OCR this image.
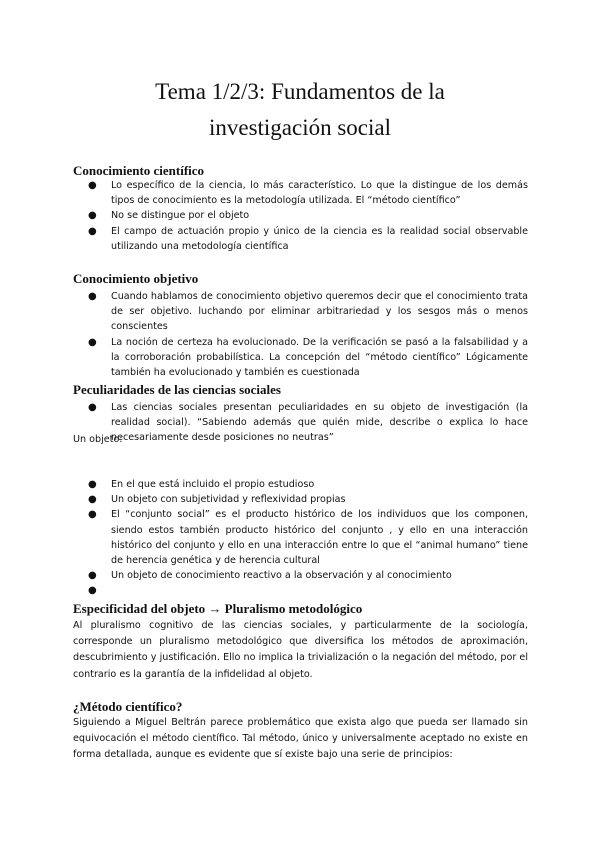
Tema 1/2/3: Fundamentos de la
investigación social
Conocimiento científico
● Lo específico de la ciencia, lo más característico. Lo que la distingue de los demás tipos de conocimiento es la metodología utilizada. El “método científico”
● No se distingue por el objeto
● El campo de actuación propio y único de la ciencia es la realidad social observable utilizando una metodología científica
Conocimiento objetivo
● Cuando hablamos de conocimiento objetivo queremos decir que el conocimiento trata de ser objetivo. luchando por eliminar arbitrariedad y los sesgos más o menos conscientes
● La noción de certeza ha evolucionado. De la verificación se pasó a la falsabilidad y a la corroboración probabilística. La concepción del “método científico” Lógicamente también ha evolucionado y también es cuestionada
Peculiaridades de las ciencias sociales
● Las ciencias sociales presentan peculiaridades en su objeto de investigación (la realidad social). “Sabiendo además que quién mide, describe o explica lo hace necesariamente desde posiciones no neutras”

Un objeto:

● En el que está incluido el propio estudioso
● Un objeto con subjetividad y reflexividad propias
● El “conjunto social” es el producto histórico de los individuos que los componen, siendo estos también producto histórico del conjunto , y ello en una interacción histórico del conjunto y ello en una interacción entre lo que el “animal humano” tiene de herencia genética y de herencia cultural
● Un objeto de conocimiento reactivo a la observación y al conocimiento
●
Especificidad del objeto → Pluralismo metodológico

Al pluralismo cognitivo de las ciencias sociales, y particularmente de la sociología, corresponde un pluralismo metodológico que diversifica los métodos de aproximación, descubrimiento y justificación. Ello no implica la trivialización o la negación del método, por el contrario es la garantía de la infidelidad al objeto.

¿Método científico?

Siguiendo a Miguel Beltrán parece problemático que exista algo que pueda ser llamado sin equivocación el método científico. Tal método, único y universalmente aceptado no existe en forma detallada, aunque es evidente que sí existe bajo una serie de principios:
